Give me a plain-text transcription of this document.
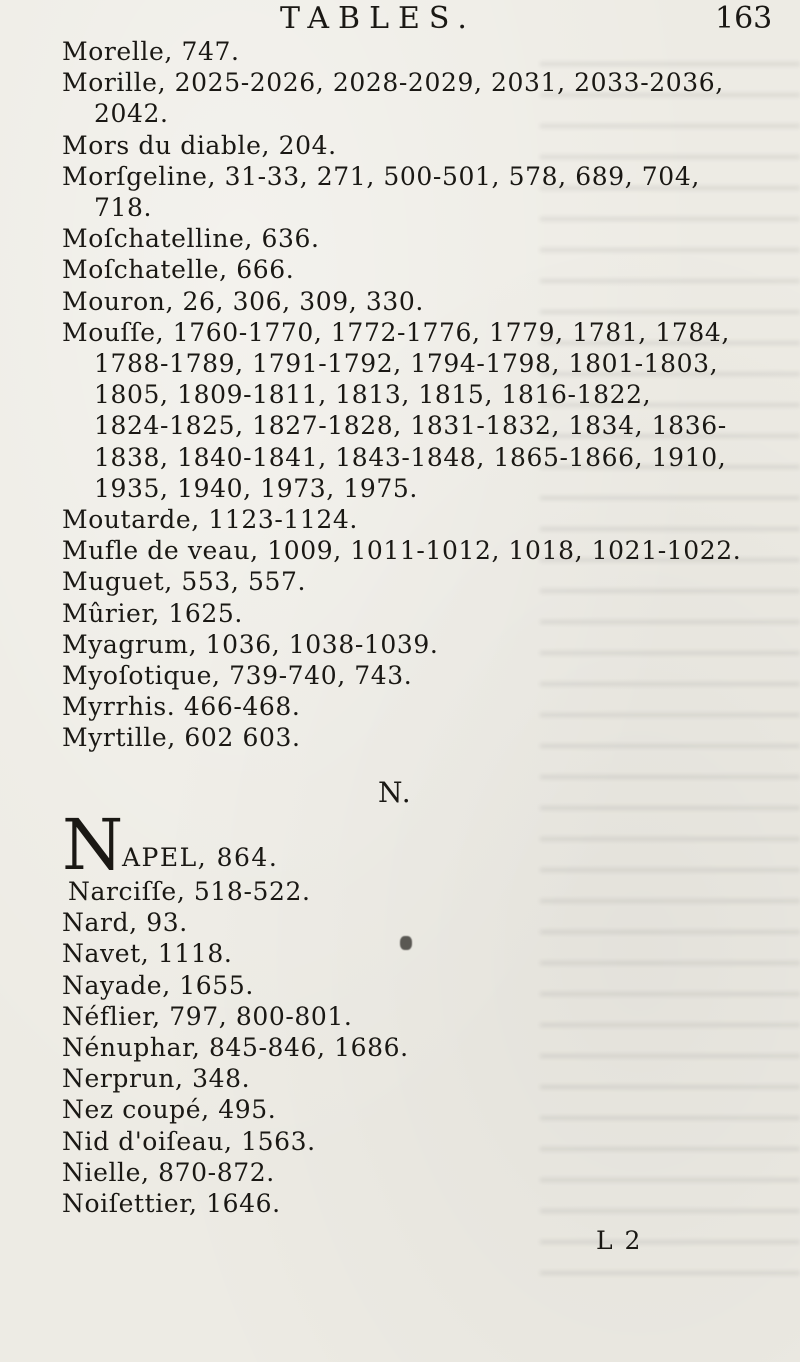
TABLES.	163
Morelle, 747.
Morille, 2025-2026, 2028-2029, 2031, 2033-2036,
2042.
Mors du diable, 204.
Morſgeline, 31-33, 271, 500-501, 578, 689, 704,
718.
Moſchatelline, 636.
Moſchatelle, 666.
Mouron, 26, 306, 309, 330.
Mouſſe, 1760-1770, 1772-1776, 1779, 1781, 1784,
1788-1789, 1791-1792, 1794-1798, 1801-1803,
1805, 1809-1811, 1813, 1815, 1816-1822,
1824-1825, 1827-1828, 1831-1832, 1834, 1836-
1838, 1840-1841, 1843-1848, 1865-1866, 1910,
1935, 1940, 1973, 1975.
Moutarde, 1123-1124.
Mufle de veau, 1009, 1011-1012, 1018, 1021-1022.
Muguet, 553, 557.
Mûrier, 1625.
Myagrum, 1036, 1038-1039.
Myoſotique, 739-740, 743.
Myrrhis. 466-468.
Myrtille, 602 603.
N.
N
APEL, 864.
Narciſſe, 518-522.
Nard, 93.
Navet, 1118.
Nayade, 1655.
Néflier, 797, 800-801.
Nénuphar, 845-846, 1686.
Nerprun, 348.
Nez coupé, 495.
Nid d'oiſeau, 1563.
Nielle, 870-872.
Noiſettier, 1646.
L 2
